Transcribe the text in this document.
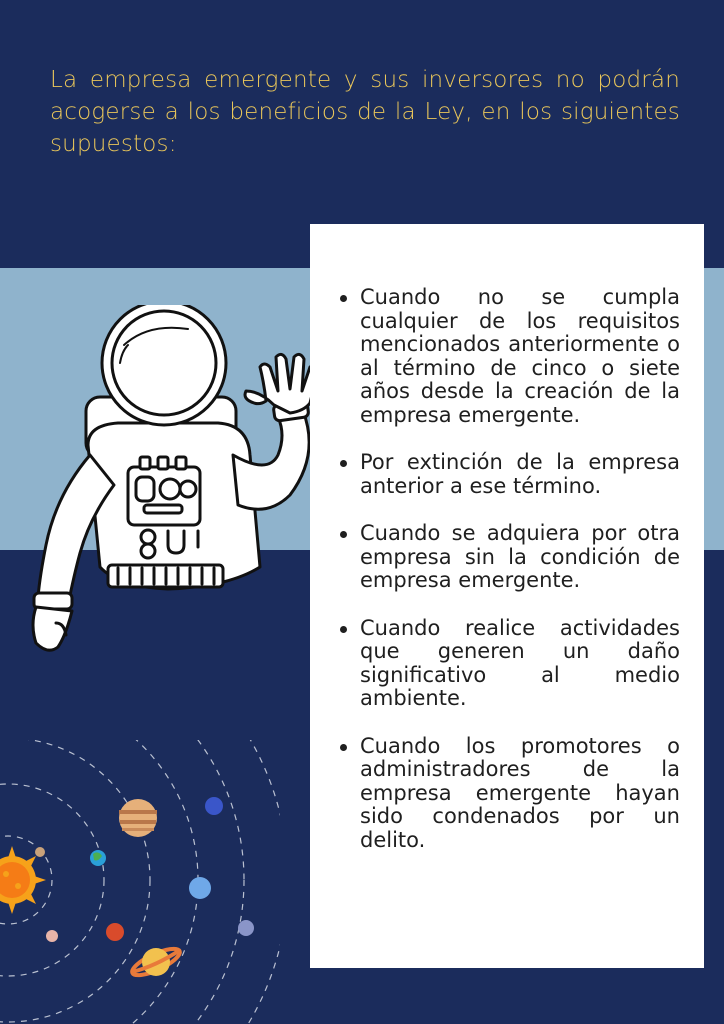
La empresa emergente y sus inversores no podrán acogerse a los beneficios de la Ley, en los siguientes supuestos:
Cuando no se cumpla cualquier de los requisitos mencionados anteriormente o al término de cinco o siete años desde la creación de la empresa emergente.
Por extinción de la empresa anterior a ese término.
Cuando se adquiera por otra empresa sin la condición de empresa emergente.
Cuando realice actividades que generen un daño significativo al medio ambiente.
Cuando los promotores o administradores de la empresa emergente hayan sido condenados por un delito.
